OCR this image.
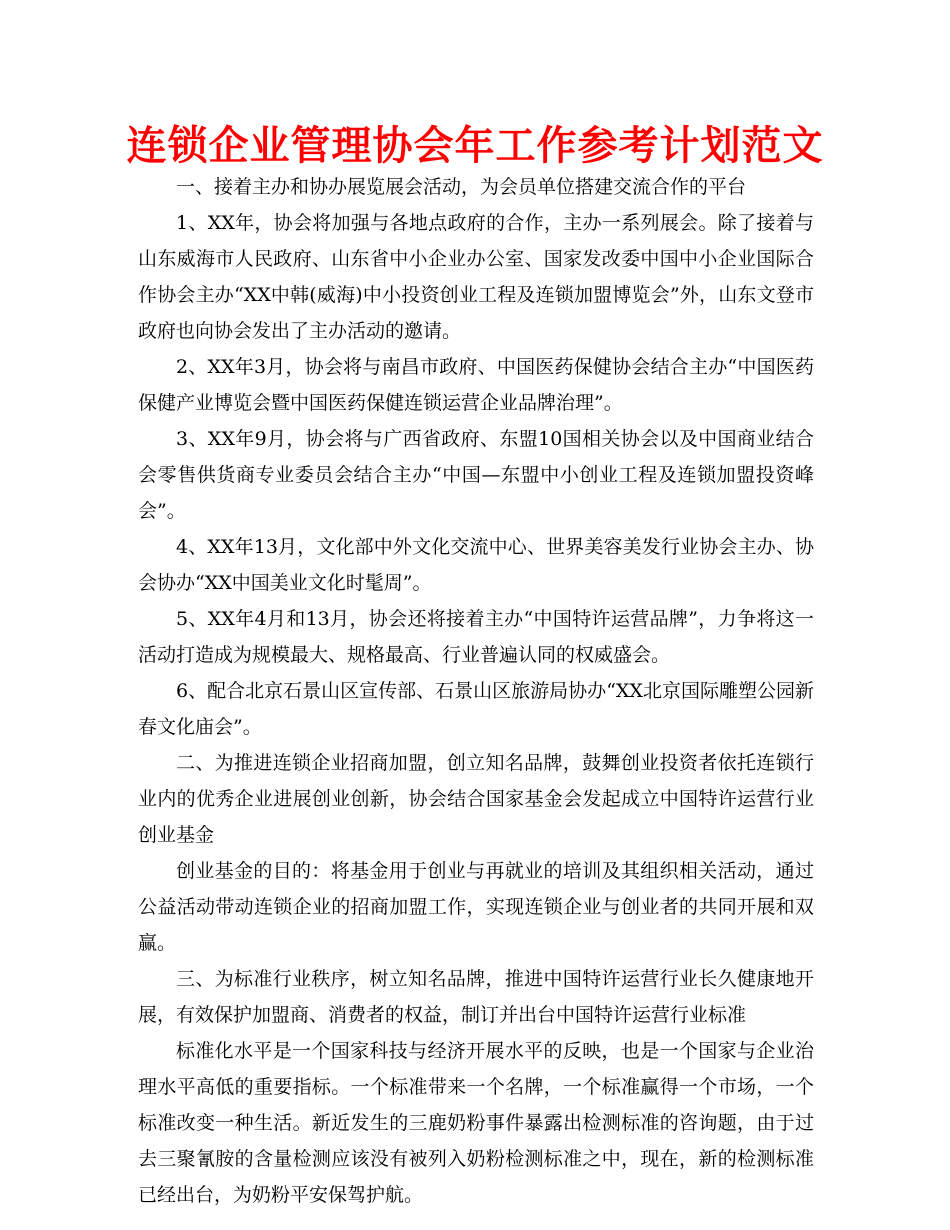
连锁企业管理协会年工作参考计划范文

一、接着主办和协办展览展会活动，为会员单位搭建交流合作的平台

1、XX年，协会将加强与各地点政府的合作，主办一系列展会。除了接着与山东威海市人民政府、山东省中小企业办公室、国家发改委中国中小企业国际合作协会主办“XX中韩(威海)中小投资创业工程及连锁加盟博览会”外，山东文登市政府也向协会发出了主办活动的邀请。

2、XX年3月，协会将与南昌市政府、中国医药保健协会结合主办“中国医药保健产业博览会暨中国医药保健连锁运营企业品牌治理”。

3、XX年9月，协会将与广西省政府、东盟10国相关协会以及中国商业结合会零售供货商专业委员会结合主办“中国—东盟中小创业工程及连锁加盟投资峰会”。

4、XX年13月，文化部中外文化交流中心、世界美容美发行业协会主办、协会协办“XX中国美业文化时髦周”。

5、XX年4月和13月，协会还将接着主办“中国特许运营品牌”，力争将这一活动打造成为规模最大、规格最高、行业普遍认同的权威盛会。

6、配合北京石景山区宣传部、石景山区旅游局协办“XX北京国际雕塑公园新春文化庙会”。

二、为推进连锁企业招商加盟，创立知名品牌，鼓舞创业投资者依托连锁行业内的优秀企业进展创业创新，协会结合国家基金会发起成立中国特许运营行业创业基金

创业基金的目的：将基金用于创业与再就业的培训及其组织相关活动，通过公益活动带动连锁企业的招商加盟工作，实现连锁企业与创业者的共同开展和双赢。

三、为标准行业秩序，树立知名品牌，推进中国特许运营行业长久健康地开展，有效保护加盟商、消费者的权益，制订并出台中国特许运营行业标准

标准化水平是一个国家科技与经济开展水平的反映，也是一个国家与企业治理水平高低的重要指标。一个标准带来一个名牌，一个标准赢得一个市场，一个标准改变一种生活。新近发生的三鹿奶粉事件暴露出检测标准的咨询题，由于过去三聚氰胺的含量检测应该没有被列入奶粉检测标准之中，现在，新的检测标准已经出台，为奶粉平安保驾护航。
